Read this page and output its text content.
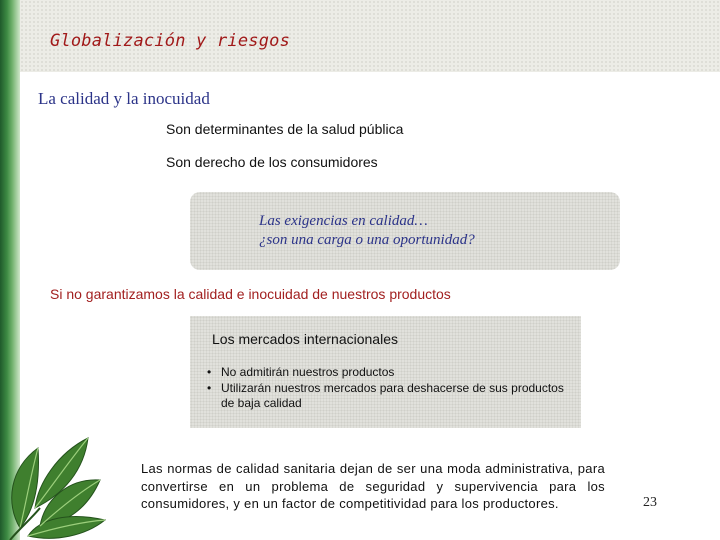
Globalización y riesgos
La calidad y la inocuidad
Son determinantes de la salud pública
Son derecho de los consumidores

Las exigencias en calidad…

¿son una carga o una oportunidad?

Si no garantizamos la calidad e inocuidad de nuestros productos
Los mercados internacionales
• No admitirán nuestros productos
• Utilizarán nuestros mercados para deshacerse de sus productos de baja calidad
Las normas de calidad sanitaria dejan de ser una moda administrativa, para convertirse en un problema de seguridad y supervivencia para los consumidores, y en un factor de competitividad para los productores.	23
